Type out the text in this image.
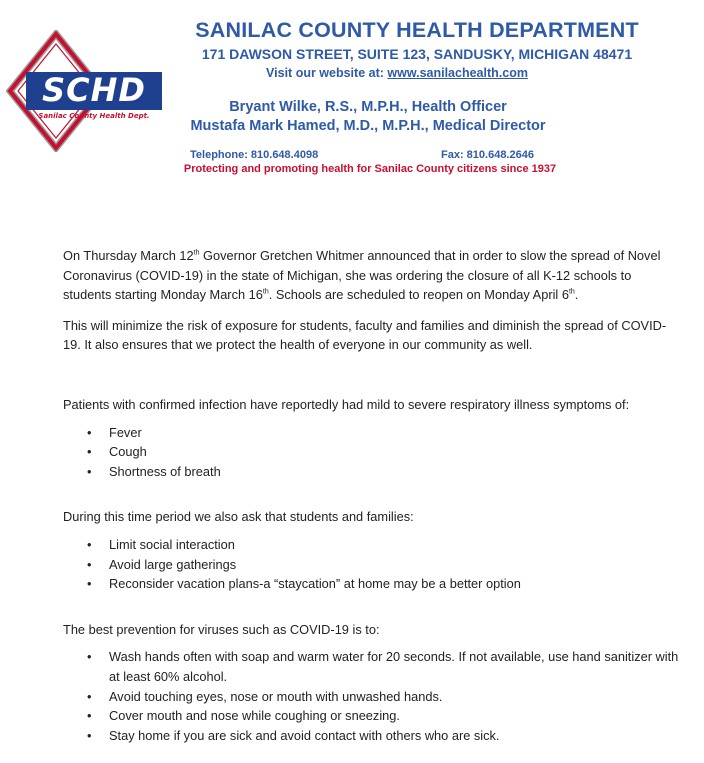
SCHD
Sanilac County Health Dept.
SANILAC COUNTY HEALTH DEPARTMENT

171 DAWSON STREET, SUITE 123, SANDUSKY, MICHIGAN 48471

Visit our website at: www.sanilachealth.com

Bryant Wilke, R.S., M.P.H., Health Officer

Mustafa Mark Hamed, M.D., M.P.H., Medical Director

Telephone: 810.648.4098	Fax: 810.648.2646

Protecting and promoting health for Sanilac County citizens since 1937

On Thursday March 12th Governor Gretchen Whitmer announced that in order to slow the spread of Novel Coronavirus (COVID-19) in the state of Michigan, she was ordering the closure of all K-12 schools to students starting Monday March 16th. Schools are scheduled to reopen on Monday April 6th.

This will minimize the risk of exposure for students, faculty and families and diminish the spread of COVID-19. It also ensures that we protect the health of everyone in our community as well.

Patients with confirmed infection have reportedly had mild to severe respiratory illness symptoms of:

• Fever
• Cough
• Shortness of breath

During this time period we also ask that students and families:

• Limit social interaction
• Avoid large gatherings
• Reconsider vacation plans-a “staycation” at home may be a better option

The best prevention for viruses such as COVID-19 is to:

• Wash hands often with soap and warm water for 20 seconds. If not available, use hand sanitizer with at least 60% alcohol.
• Avoid touching eyes, nose or mouth with unwashed hands.
• Cover mouth and nose while coughing or sneezing.
• Stay home if you are sick and avoid contact with others who are sick.
